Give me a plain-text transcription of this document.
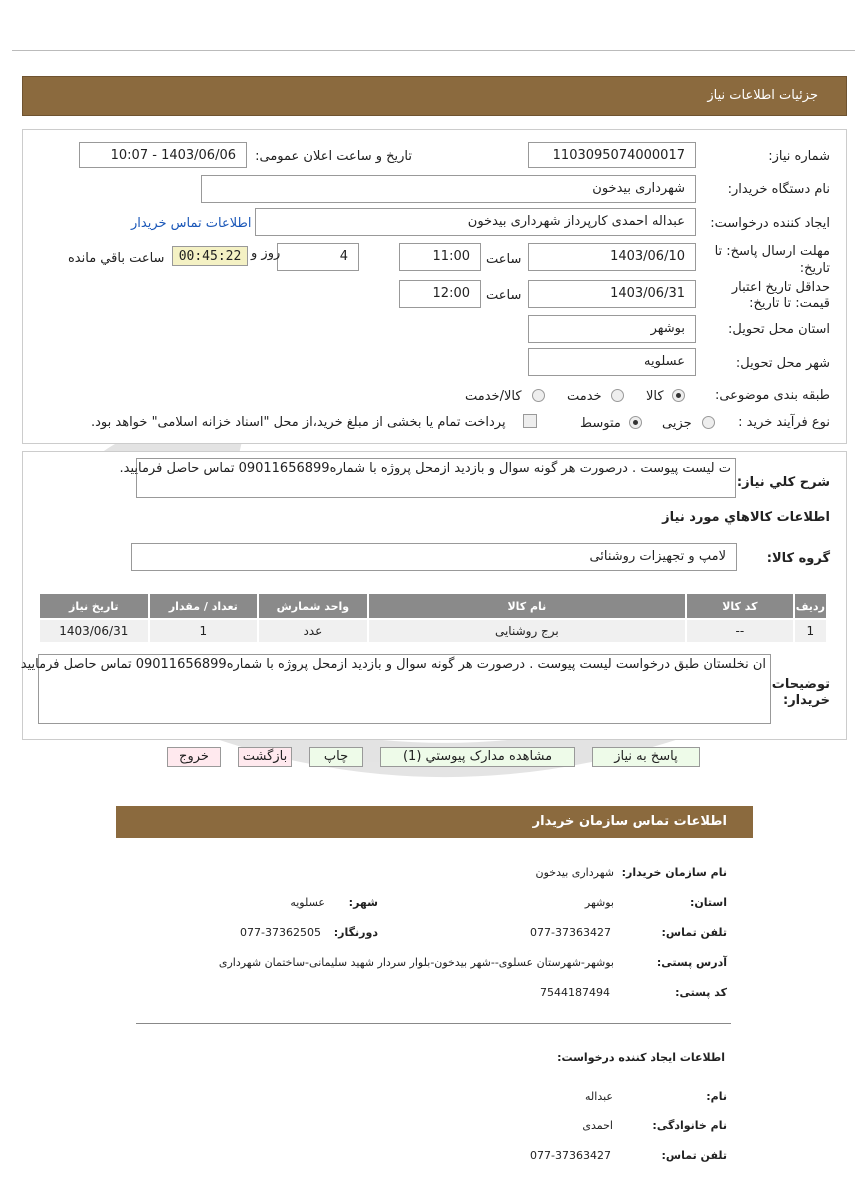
جزئیات اطلاعات نیاز
شماره نیاز:
1103095074000017
تاریخ و ساعت اعلان عمومی:
1403/06/06 - 10:07
نام دستگاه خریدار:
شهرداری بیدخون
ایجاد کننده درخواست:
عبداله احمدی کارپرداز شهرداری بیدخون
اطلاعات تماس خریدار
مهلت ارسال پاسخ: تا
تاریخ:
1403/06/10
ساعت
11:00
4
روز و
00:45:22
ساعت باقي مانده
حداقل تاریخ اعتبار
قیمت: تا تاریخ:
1403/06/31
ساعت
12:00
استان محل تحویل:
بوشهر
شهر محل تحویل:
عسلویه
طبقه بندی موضوعی:
کالا
خدمت
کالا/خدمت
نوع فرآیند خرید :
جزیی
متوسط
پرداخت تمام یا بخشی از مبلغ خرید،از محل "اسناد خزانه اسلامی" خواهد بود.
شرح کلي نیاز:
ت لیست پیوست . درصورت هر گونه سوال و بازدید ازمحل پروژه با شماره09011656899 تماس حاصل فرمایید.
اطلاعات کالاهاي مورد نیاز
گروه کالا:
لامپ و تجهیزات روشنائی
ردیف	کد کالا	نام کالا	واحد شمارش	تعداد / مقدار	تاریخ نیاز
1	--	برج روشنایی	عدد	1	1403/06/31
توضیحات
خریدار:
ان نخلستان طبق درخواست لیست پیوست . درصورت هر گونه سوال و بازدید ازمحل پروژه با شماره09011656899 تماس حاصل فرمایید
پاسخ به نیاز
مشاهده مدارک پیوستي (1)
چاپ
بازگشت
خروج
اطلاعات تماس سازمان خریدار
نام سازمان خریدار:
شهرداری بیدخون
استان:
بوشهر
شهر:
عسلویه
تلفن تماس:
077-37363427
دورنگار:
077-37362505
آدرس پستی:
بوشهر-شهرستان عسلوی--شهر بیدخون-بلوار سردار شهید سلیمانی-ساختمان شهرداری
کد پستی:
7544187494
اطلاعات ایجاد کننده درخواست:
نام:
عبداله
نام خانوادگی:
احمدی
تلفن تماس:
077-37363427
